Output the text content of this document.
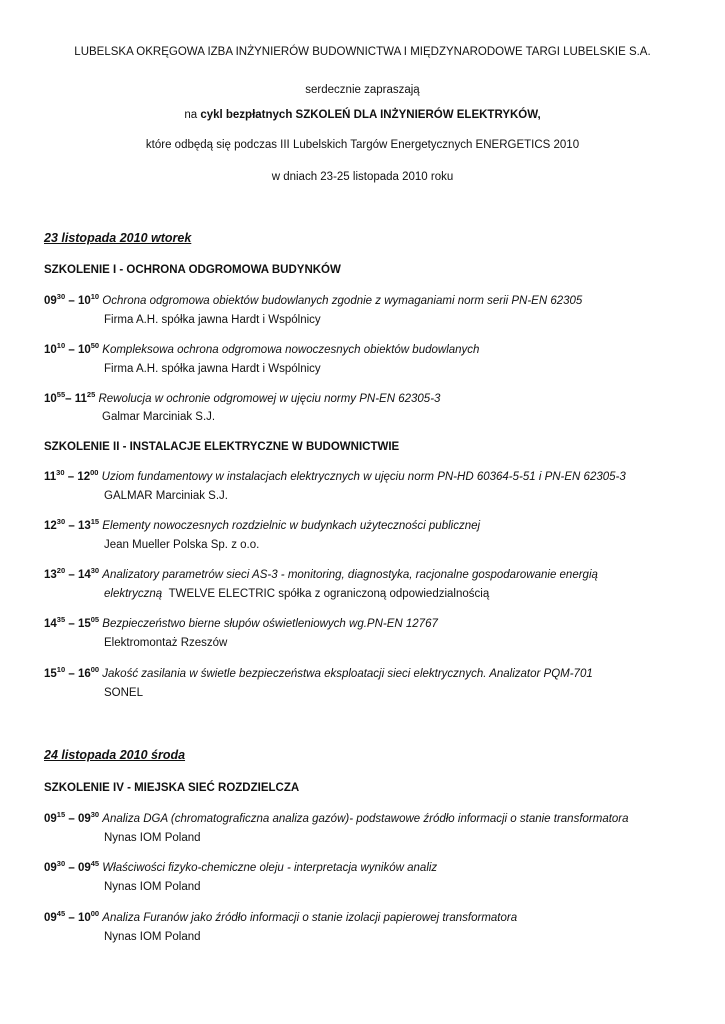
LUBELSKA OKRĘGOWA IZBA INŻYNIERÓW BUDOWNICTWA I MIĘDZYNARODOWE TARGI LUBELSKIE S.A.
serdecznie zapraszają
na cykl bezpłatnych SZKOLEŃ DLA INŻYNIERÓW ELEKTRYKÓW,
które odbędą się podczas III Lubelskich Targów Energetycznych ENERGETICS 2010
w dniach 23-25 listopada 2010 roku
23 listopada 2010 wtorek
SZKOLENIE I - OCHRONA ODGROMOWA BUDYNKÓW
$09^{30} - 10^{10}$ Ochrona odgromowa obiektów budowlanych zgodnie z wymaganiami norm serii PN-EN 62305
Firma A.H. spółka jawna Hardt i Wspólnicy
$10^{10} - 10^{50}$ Kompleksowa ochrona odgromowa nowoczesnych obiektów budowlanych
Firma A.H. spółka jawna Hardt i Wspólnicy
$10^{55}-$ $11^{25}$ Rewolucja w ochronie odgromowej w ujęciu normy PN-EN 62305-3
Galmar Marciniak S.J.
SZKOLENIE II - INSTALACJE ELEKTRYCZNE W BUDOWNICTWIE
$11^{30} - 12^{00}$ Uziom fundamentowy w instalacjach elektrycznych w ujęciu norm PN-HD 60364-5-51 i PN-EN 62305-3
GALMAR Marciniak S.J.
$12^{30} - 13^{15}$ Elementy nowoczesnych rozdzielnic w budynkach użyteczności publicznej
Jean Mueller Polska Sp. z o.o.
$13^{20} - 14^{30}$ Analizatory parametrów sieci AS-3 - monitoring, diagnostyka, racjonalne gospodarowanie energią
elektryczną TWELVE ELECTRIC spółka z ograniczoną odpowiedzialnością
$14^{35} - 15^{05}$ Bezpieczeństwo bierne słupów oświetleniowych wg.PN-EN 12767
Elektromontaż Rzeszów
$15^{10} - 16^{00}$ Jakość zasilania w świetle bezpieczeństwa eksploatacji sieci elektrycznych. Analizator PQM-701
SONEL
24 listopada 2010 środa
SZKOLENIE IV - MIEJSKA SIEĆ ROZDZIELCZA
$09^{15} - 09^{30}$ Analiza DGA (chromatograficzna analiza gazów)- podstawowe źródło informacji o stanie transformatora
Nynas IOM Poland
$09^{30} - 09^{45}$ Właściwości fizyko-chemiczne oleju - interpretacja wyników analiz
Nynas IOM Poland
$09^{45} - 10^{00}$ Analiza Furanów jako źródło informacji o stanie izolacji papierowej transformatora
Nynas IOM Poland
